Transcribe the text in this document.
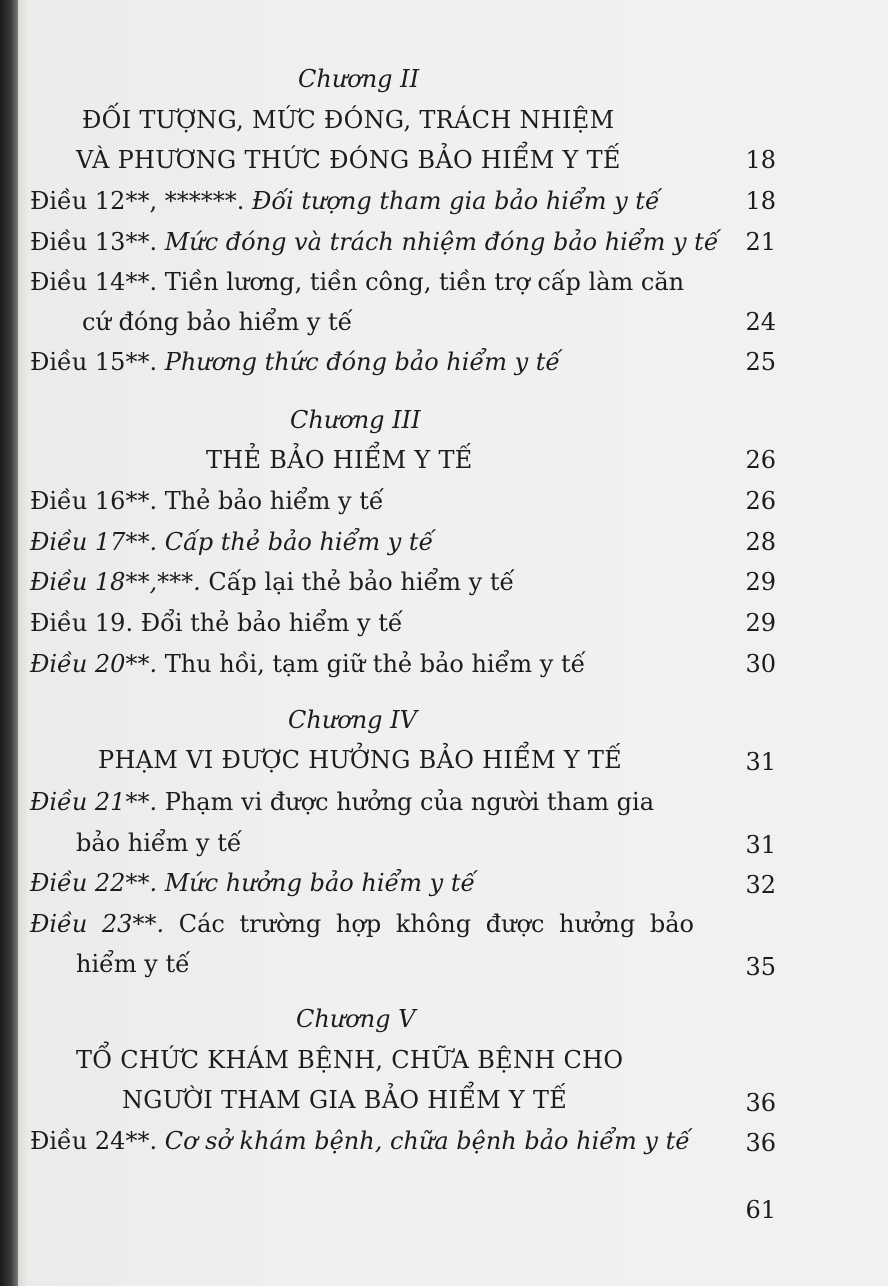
Chương II
ĐỐI TƯỢNG, MỨC ĐÓNG, TRÁCH NHIỆM
VÀ PHƯƠNG THỨC ĐÓNG BẢO HIỂM Y TẾ	18
Điều 12**, ******. Đối tượng tham gia bảo hiểm y tế	18
Điều 13**. Mức đóng và trách nhiệm đóng bảo hiểm y tế	21
Điều 14**. Tiền lương, tiền công, tiền trợ cấp làm căn
cứ đóng bảo hiểm y tế	24
Điều 15**. Phương thức đóng bảo hiểm y tế	25
Chương III
THẺ BẢO HIỂM Y TẾ	26
Điều 16**. Thẻ bảo hiểm y tế	26
Điều 17**. Cấp thẻ bảo hiểm y tế	28
Điều 18**,***. Cấp lại thẻ bảo hiểm y tế	29
Điều 19. Đổi thẻ bảo hiểm y tế	29
Điều 20**. Thu hồi, tạm giữ thẻ bảo hiểm y tế	30
Chương IV
PHẠM VI ĐƯỢC HƯỞNG BẢO HIỂM Y TẾ	31
Điều 21**. Phạm vi được hưởng của người tham gia
bảo hiểm y tế	31
Điều 22**. Mức hưởng bảo hiểm y tế	32
Điều 23**. Các trường hợp không được hưởng bảo
hiểm y tế	35
Chương V
TỔ CHỨC KHÁM BỆNH, CHỮA BỆNH CHO
NGƯỜI THAM GIA BẢO HIỂM Y TẾ	36
Điều 24**. Cơ sở khám bệnh, chữa bệnh bảo hiểm y tế	36
61
